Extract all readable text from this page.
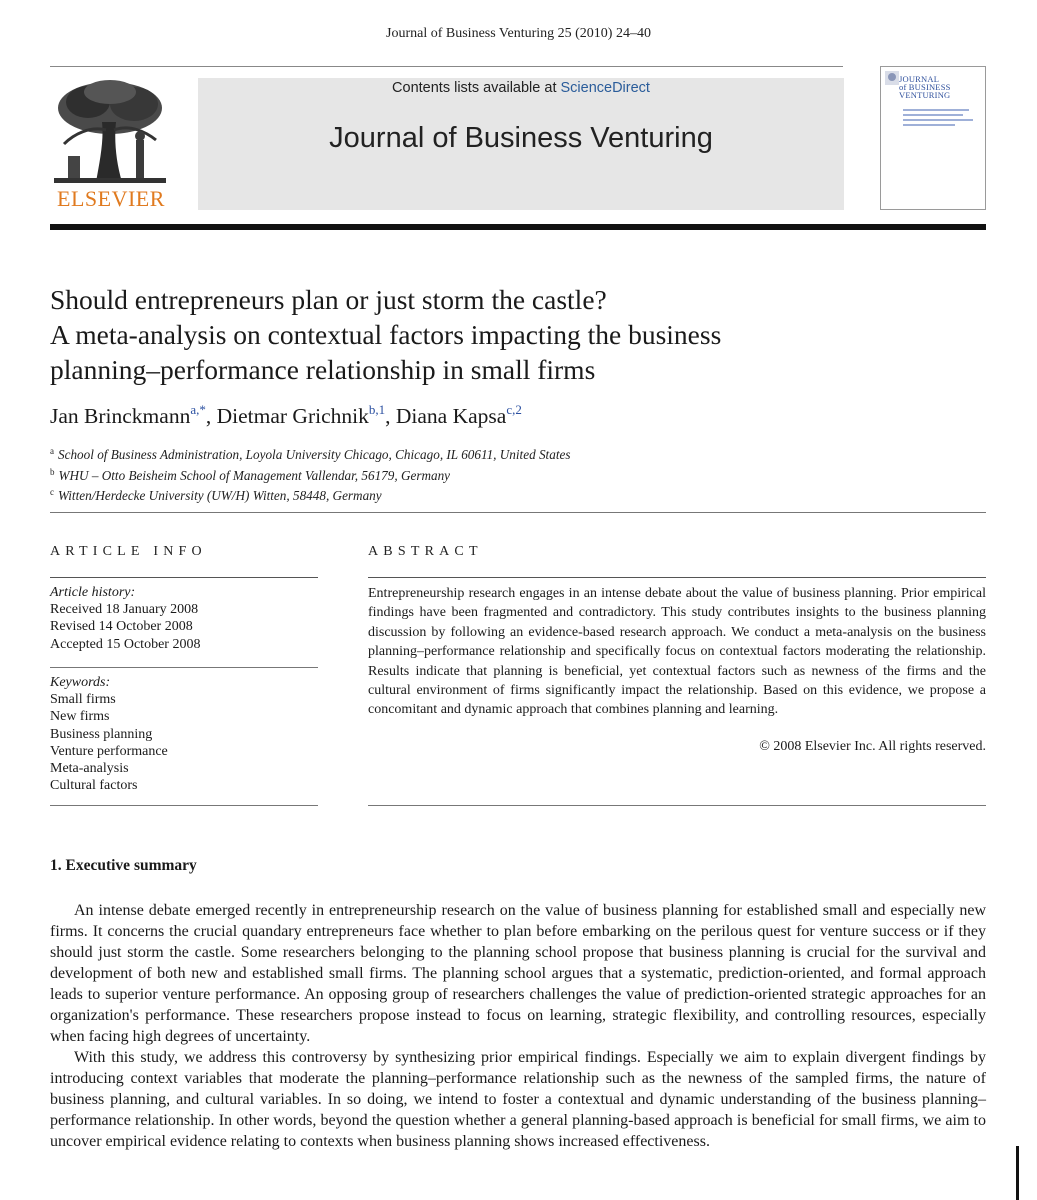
Journal of Business Venturing 25 (2010) 24–40
ELSEVIER
Contents lists available at ScienceDirect
Journal of Business Venturing
JOURNAL
of BUSINESS
VENTURING
Should entrepreneurs plan or just storm the castle?
A meta-analysis on contextual factors impacting the business
planning–performance relationship in small firms
Jan Brinckmann$^{a,*}$, Dietmar Grichnik$^{b,1}$, Diana Kapsa$^{c,2}$
$^a$ School of Business Administration, Loyola University Chicago, Chicago, IL 60611, United States
$^b$ WHU – Otto Beisheim School of Management Vallendar, 56179, Germany
$^c$ Witten/Herdecke University (UW/H) Witten, 58448, Germany
ARTICLE INFO
Article history:
Received 18 January 2008
Revised 14 October 2008
Accepted 15 October 2008
Keywords:
Small firms
New firms
Business planning
Venture performance
Meta-analysis
Cultural factors
ABSTRACT
Entrepreneurship research engages in an intense debate about the value of business planning. Prior empirical findings have been fragmented and contradictory. This study contributes insights to the business planning discussion by following an evidence-based research approach. We conduct a meta-analysis on the business planning–performance relationship and specifically focus on contextual factors moderating the relationship. Results indicate that planning is beneficial, yet contextual factors such as newness of the firms and the cultural environment of firms significantly impact the relationship. Based on this evidence, we propose a concomitant and dynamic approach that combines planning and learning.
© 2008 Elsevier Inc. All rights reserved.
1. Executive summary

An intense debate emerged recently in entrepreneurship research on the value of business planning for established small and especially new firms. It concerns the crucial quandary entrepreneurs face whether to plan before embarking on the perilous quest for venture success or if they should just storm the castle. Some researchers belonging to the planning school propose that business planning is crucial for the survival and development of both new and established small firms. The planning school argues that a systematic, prediction-oriented, and formal approach leads to superior venture performance. An opposing group of researchers challenges the value of prediction-oriented strategic approaches for an organization's performance. These researchers propose instead to focus on learning, strategic flexibility, and controlling resources, especially when facing high degrees of uncertainty.

With this study, we address this controversy by synthesizing prior empirical findings. Especially we aim to explain divergent findings by introducing context variables that moderate the planning–performance relationship such as the newness of the sampled firms, the nature of business planning, and cultural variables. In so doing, we intend to foster a contextual and dynamic understanding of the business planning–performance relationship. In other words, beyond the question whether a general planning-based approach is beneficial for small firms, we aim to uncover empirical evidence relating to contexts when business planning shows increased effectiveness.
